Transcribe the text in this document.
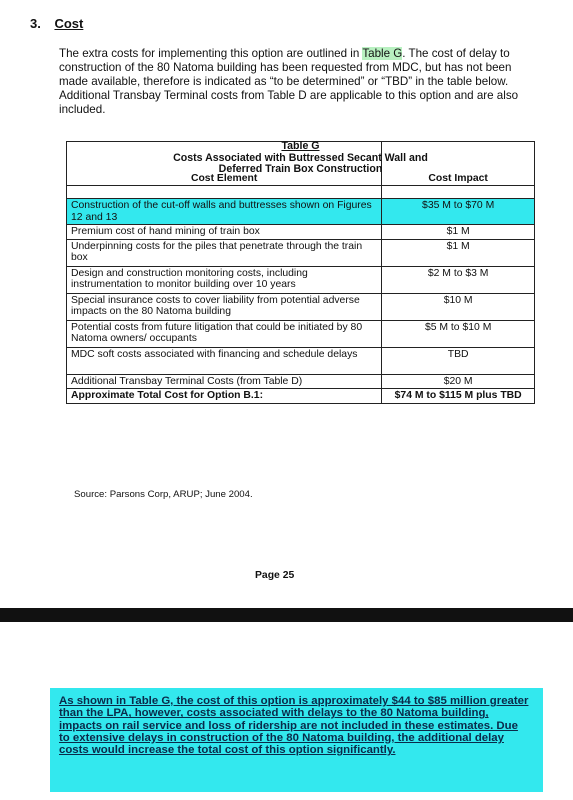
3. Cost
The extra costs for implementing this option are outlined in Table G. The cost of delay to construction of the 80 Natoma building has been requested from MDC, but has not been made available, therefore is indicated as “to be determined” or “TBD” in the table below. Additional Transbay Terminal costs from Table D are applicable to this option and are also included.
Cost Element	Cost Impact

Construction of the cut-off walls and buttresses shown on Figures 12 and 13	$35 M to $70 M
Premium cost of hand mining of train box	$1 M
Underpinning costs for the piles that penetrate through the train box	$1 M
Design and construction monitoring costs, including instrumentation to monitor building over 10 years	$2 M to $3 M
Special insurance costs to cover liability from potential adverse impacts on the 80 Natoma building	$10 M
Potential costs from future litigation that could be initiated by 80 Natoma owners/ occupants	$5 M to $10 M
MDC soft costs associated with financing and schedule delays	TBD
Additional Transbay Terminal Costs (from Table D)	$20 M
Approximate Total Cost for Option B.1:	$74 M to $115 M plus TBD
Table G
Costs Associated with Buttressed Secant Wall and
Deferred Train Box Construction
Source: Parsons Corp, ARUP; June 2004.
Page 25

As shown in Table G, the cost of this option is approximately $44 to $85 million greater than the LPA, however, costs associated with delays to the 80 Natoma building, impacts on rail service and loss of ridership are not included in these estimates. Due to extensive delays in construction of the 80 Natoma building, the additional delay costs would increase the total cost of this option significantly.
